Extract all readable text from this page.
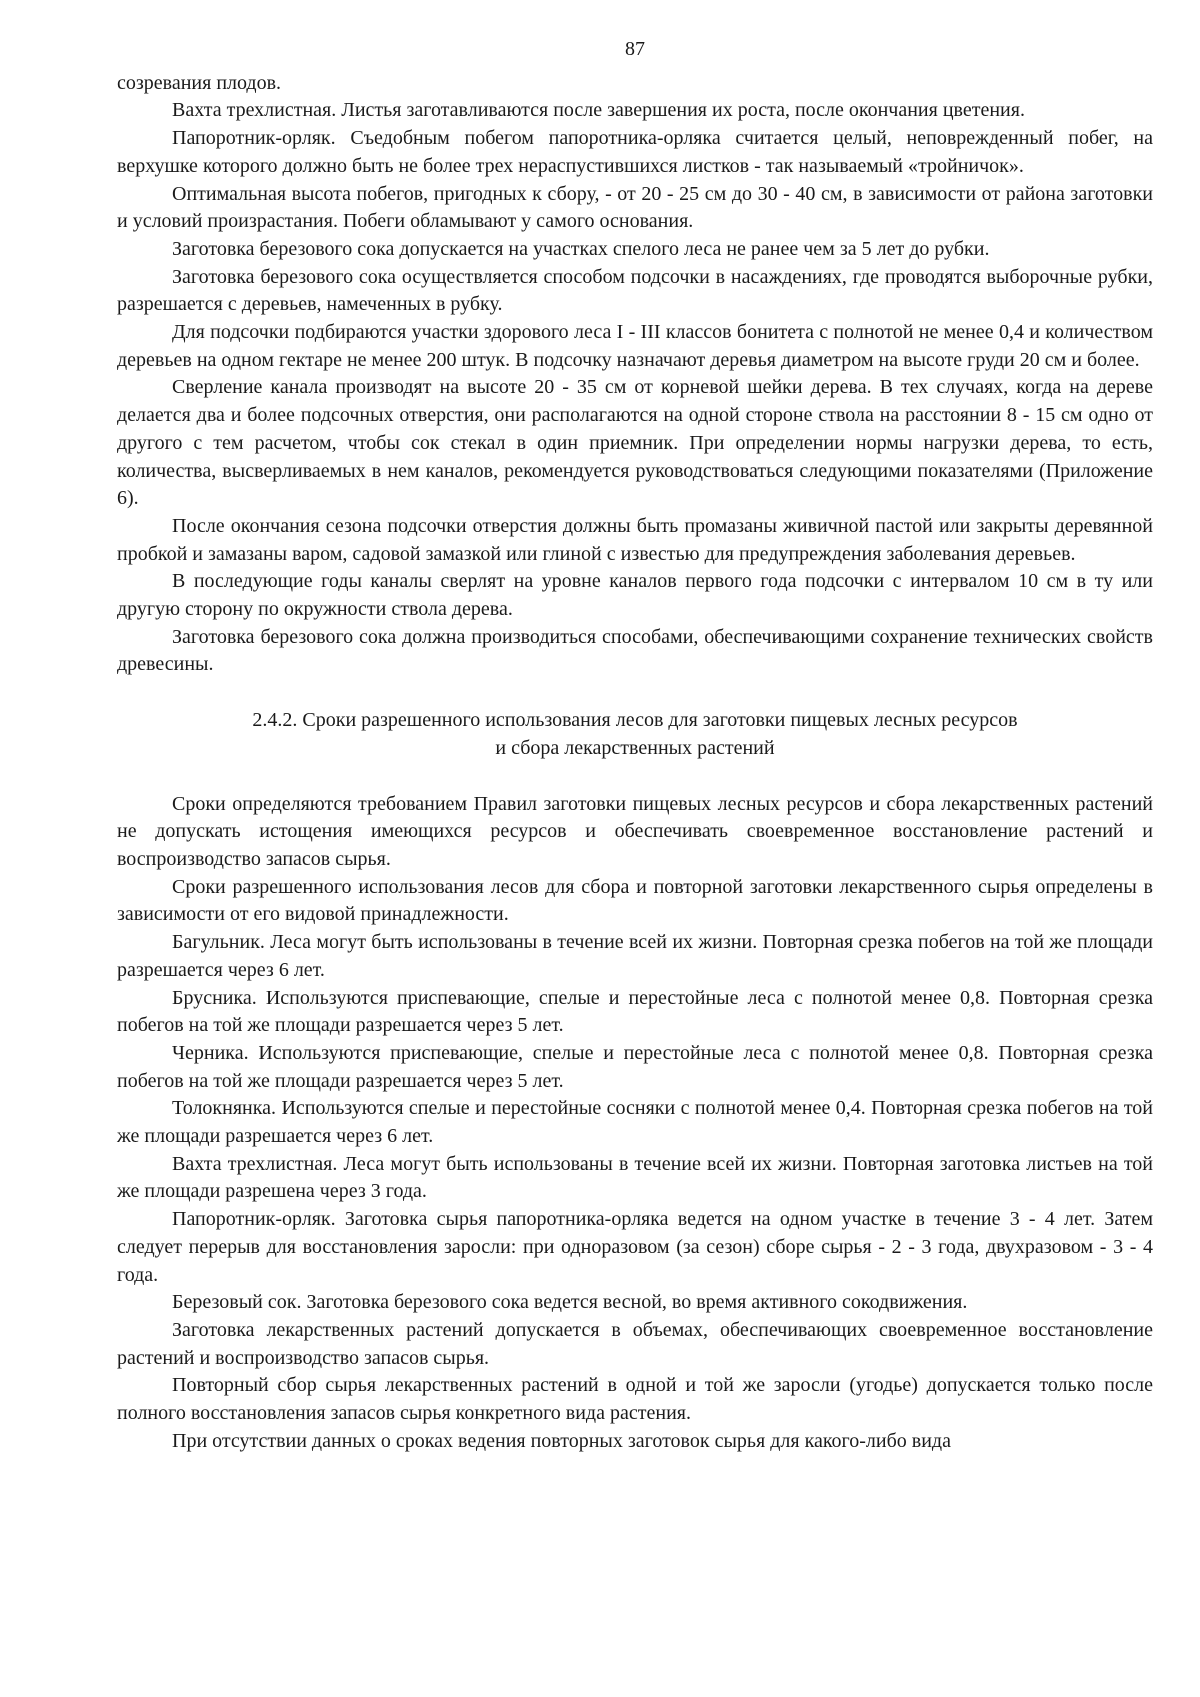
87

созревания плодов.

Вахта трехлистная. Листья заготавливаются после завершения их роста, после окончания цветения.

Папоротник-орляк. Съедобным побегом папоротника-орляка считается целый, неповрежденный побег, на верхушке которого должно быть не более трех нераспустившихся листков - так называемый «тройничок».

Оптимальная высота побегов, пригодных к сбору, - от 20 - 25 см до 30 - 40 см, в зависимости от района заготовки и условий произрастания. Побеги обламывают у самого основания.

Заготовка березового сока допускается на участках спелого леса не ранее чем за 5 лет до рубки.

Заготовка березового сока осуществляется способом подсочки в насаждениях, где проводятся выборочные рубки, разрешается с деревьев, намеченных в рубку.

Для подсочки подбираются участки здорового леса I - III классов бонитета с полнотой не менее 0,4 и количеством деревьев на одном гектаре не менее 200 штук. В подсочку назначают деревья диаметром на высоте груди 20 см и более.

Сверление канала производят на высоте 20 - 35 см от корневой шейки дерева. В тех случаях, когда на дереве делается два и более подсочных отверстия, они располагаются на одной стороне ствола на расстоянии 8 - 15 см одно от другого с тем расчетом, чтобы сок стекал в один приемник. При определении нормы нагрузки дерева, то есть, количества, высверливаемых в нем каналов, рекомендуется руководствоваться следующими показателями (Приложение 6).

После окончания сезона подсочки отверстия должны быть промазаны живичной пастой или закрыты деревянной пробкой и замазаны варом, садовой замазкой или глиной с известью для предупреждения заболевания деревьев.

В последующие годы каналы сверлят на уровне каналов первого года подсочки с интервалом 10 см в ту или другую сторону по окружности ствола дерева.

Заготовка березового сока должна производиться способами, обеспечивающими сохранение технических свойств древесины.

2.4.2. Сроки разрешенного использования лесов для заготовки пищевых лесных ресурсов
и сбора лекарственных растений

Сроки определяются требованием Правил заготовки пищевых лесных ресурсов и сбора лекарственных растений не допускать истощения имеющихся ресурсов и обеспечивать своевременное восстановление растений и воспроизводство запасов сырья.

Сроки разрешенного использования лесов для сбора и повторной заготовки лекарственного сырья определены в зависимости от его видовой принадлежности.

Багульник. Леса могут быть использованы в течение всей их жизни. Повторная срезка побегов на той же площади разрешается через 6 лет.

Брусника. Используются приспевающие, спелые и перестойные леса с полнотой менее 0,8. Повторная срезка побегов на той же площади разрешается через 5 лет.

Черника. Используются приспевающие, спелые и перестойные леса с полнотой менее 0,8. Повторная срезка побегов на той же площади разрешается через 5 лет.

Толокнянка. Используются спелые и перестойные сосняки с полнотой менее 0,4. Повторная срезка побегов на той же площади разрешается через 6 лет.

Вахта трехлистная. Леса могут быть использованы в течение всей их жизни. Повторная заготовка листьев на той же площади разрешена через 3 года.

Папоротник-орляк. Заготовка сырья папоротника-орляка ведется на одном участке в течение 3 - 4 лет. Затем следует перерыв для восстановления заросли: при одноразовом (за сезон) сборе сырья - 2 - 3 года, двухразовом - 3 - 4 года.

Березовый сок. Заготовка березового сока ведется весной, во время активного сокодвижения.

Заготовка лекарственных растений допускается в объемах, обеспечивающих своевременное восстановление растений и воспроизводство запасов сырья.

Повторный сбор сырья лекарственных растений в одной и той же заросли (угодье) допускается только после полного восстановления запасов сырья конкретного вида растения.

При отсутствии данных о сроках ведения повторных заготовок сырья для какого-либо вида
